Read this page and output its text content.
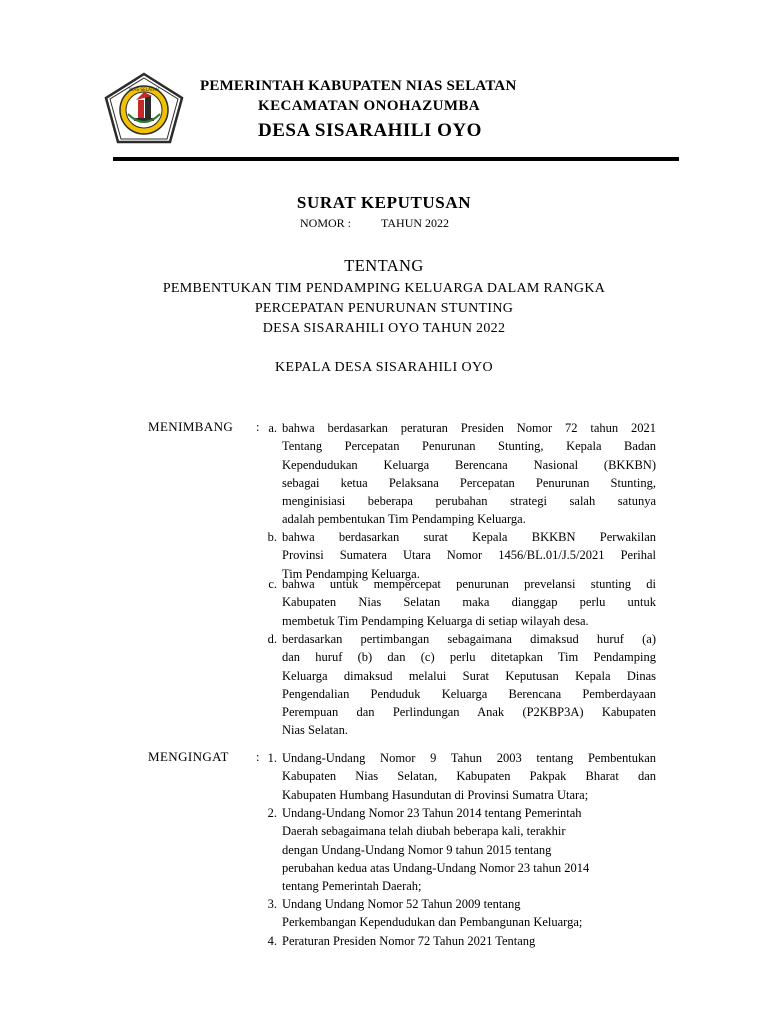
NIAS SELATAN	PEMERINTAH KABUPATEN NIAS SELATAN
KECAMATAN ONOHAZUMBA
DESA SISARAHILI OYO
SURAT KEPUTUSAN
NOMOR :	TAHUN 2022
TENTANG
PEMBENTUKAN TIM PENDAMPING KELUARGA DALAM RANGKA
PERCEPATAN PENURUNAN STUNTING
DESA SISARAHILI OYO TAHUN 2022
KEPALA DESA SISARAHILI OYO
MENIMBANG : a. bahwa berdasarkan peraturan Presiden Nomor 72 tahun 2021
Tentang Percepatan Penurunan Stunting, Kepala Badan
Kependudukan Keluarga Berencana Nasional (BKKBN)
sebagai ketua Pelaksana Percepatan Penurunan Stunting,
menginisiasi beberapa perubahan strategi salah satunya
adalah pembentukan Tim Pendamping Keluarga.
b. bahwa berdasarkan surat Kepala BKKBN Perwakilan
Provinsi Sumatera Utara Nomor 1456/BL.01/J.5/2021 Perihal
Tim Pendamping Keluarga.
c. bahwa untuk mempercepat penurunan prevelansi stunting di
Kabupaten Nias Selatan maka dianggap perlu untuk
membetuk Tim Pendamping Keluarga di setiap wilayah desa.
d. berdasarkan pertimbangan sebagaimana dimaksud huruf (a)
dan huruf (b) dan (c) perlu ditetapkan Tim Pendamping
Keluarga dimaksud melalui Surat Keputusan Kepala Dinas
Pengendalian Penduduk Keluarga Berencana Pemberdayaan
Perempuan dan Perlindungan Anak (P2KBP3A) Kabupaten
Nias Selatan.
MENGINGAT : 1. Undang-Undang Nomor 9 Tahun 2003 tentang Pembentukan
Kabupaten Nias Selatan, Kabupaten Pakpak Bharat dan
Kabupaten Humbang Hasundutan di Provinsi Sumatra Utara;
2. Undang-Undang Nomor 23 Tahun 2014 tentang Pemerintah
Daerah sebagaimana telah diubah beberapa kali, terakhir
dengan Undang-Undang Nomor 9 tahun 2015 tentang
perubahan kedua atas Undang-Undang Nomor 23 tahun 2014
tentang Pemerintah Daerah;
3. Undang Undang Nomor 52 Tahun 2009 tentang
Perkembangan Kependudukan dan Pembangunan Keluarga;
4. Peraturan Presiden Nomor 72 Tahun 2021 Tentang
